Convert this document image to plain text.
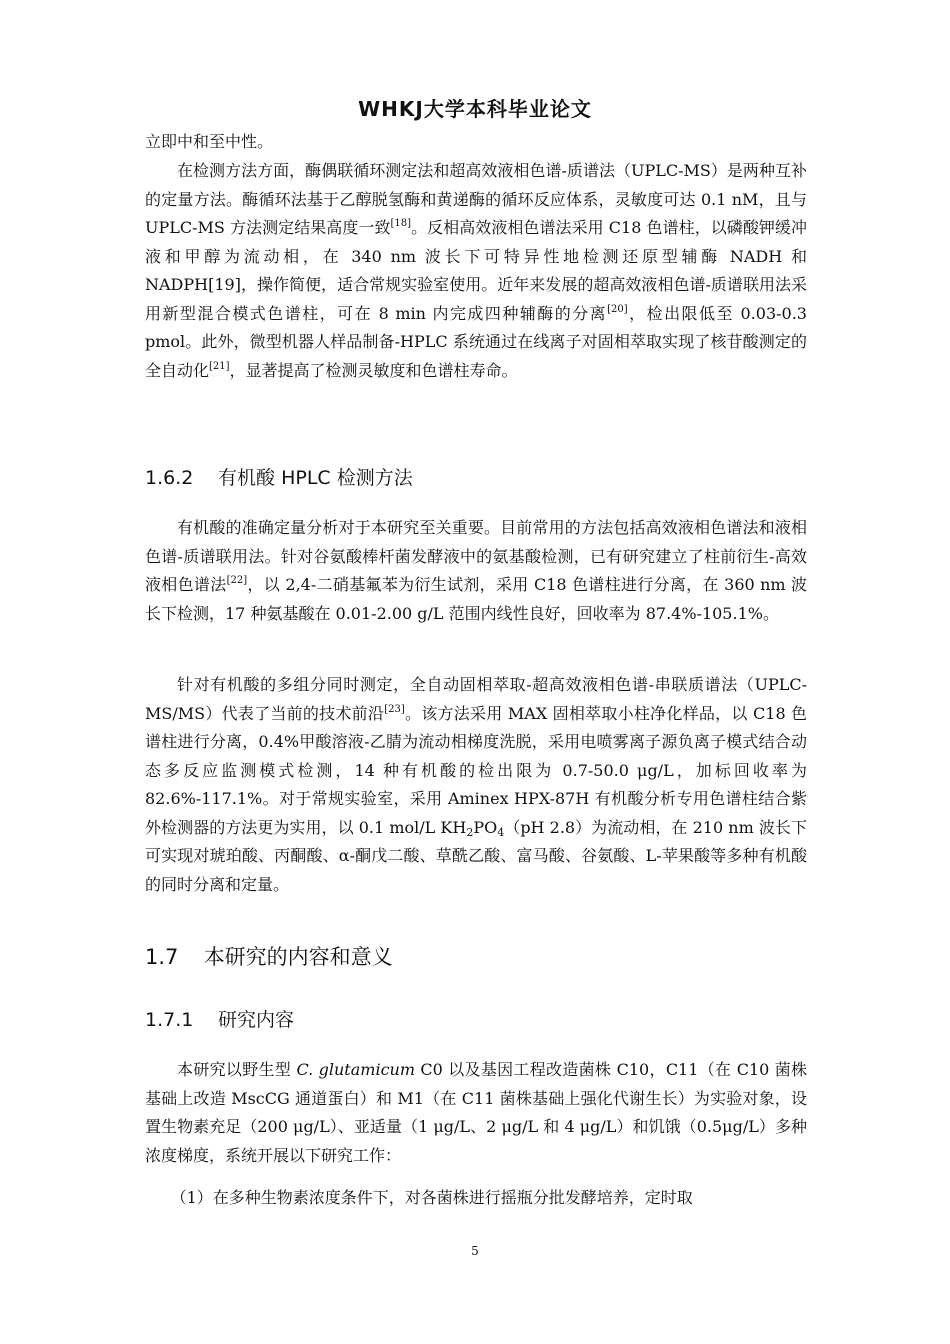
WHKJ大学本科毕业论文

立即中和至中性。

在检测方法方面，酶偶联循环测定法和超高效液相色谱-质谱法（UPLC-MS）是两种互补的定量方法。酶循环法基于乙醇脱氢酶和黄递酶的循环反应体系，灵敏度可达 0.1 nM，且与 UPLC-MS 方法测定结果高度一致[18]。反相高效液相色谱法采用 C18 色谱柱，以磷酸钾缓冲液和甲醇为流动相，在 340 nm 波长下可特异性地检测还原型辅酶 NADH 和 NADPH[19]，操作简便，适合常规实验室使用。近年来发展的超高效液相色谱-质谱联用法采用新型混合模式色谱柱，可在 8 min 内完成四种辅酶的分离[20]，检出限低至 0.03-0.3 pmol。此外，微型机器人样品制备-HPLC 系统通过在线离子对固相萃取实现了核苷酸测定的全自动化[21]，显著提高了检测灵敏度和色谱柱寿命。

1.6.2 有机酸 HPLC 检测方法

有机酸的准确定量分析对于本研究至关重要。目前常用的方法包括高效液相色谱法和液相色谱-质谱联用法。针对谷氨酸棒杆菌发酵液中的氨基酸检测，已有研究建立了柱前衍生-高效液相色谱法[22]，以 2,4-二硝基氟苯为衍生试剂，采用 C18 色谱柱进行分离，在 360 nm 波长下检测，17 种氨基酸在 0.01-2.00 g/L 范围内线性良好，回收率为 87.4%-105.1%。

针对有机酸的多组分同时测定，全自动固相萃取-超高效液相色谱-串联质谱法（UPLC-MS/MS）代表了当前的技术前沿[23]。该方法采用 MAX 固相萃取小柱净化样品，以 C18 色谱柱进行分离，0.4%甲酸溶液-乙腈为流动相梯度洗脱，采用电喷雾离子源负离子模式结合动态多反应监测模式检测，14 种有机酸的检出限为 0.7-50.0 μg/L，加标回收率为 82.6%-117.1%。对于常规实验室，采用 Aminex HPX-87H 有机酸分析专用色谱柱结合紫外检测器的方法更为实用，以 0.1 mol/L $KH_2PO_4(pH$ 2.8）为流动相，在 210 nm 波长下可实现对琥珀酸、丙酮酸、α-酮戊二酸、草酰乙酸、富马酸、谷氨酸、L-苹果酸等多种有机酸的同时分离和定量。

1.7 本研究的内容和意义
1.7.1 研究内容

本研究以野生型 C. glutamicum C0 以及基因工程改造菌株 C10，C11（在 C10 菌株基础上改造 MscCG 通道蛋白）和 M1（在 C11 菌株基础上强化代谢生长）为实验对象，设置生物素充足（200 μg/L）、亚适量（1 μg/L、2 μg/L 和 4 μg/L）和饥饿（0.5μg/L）多种浓度梯度，系统开展以下研究工作：

（1）在多种生物素浓度条件下，对各菌株进行摇瓶分批发酵培养，定时取

5
